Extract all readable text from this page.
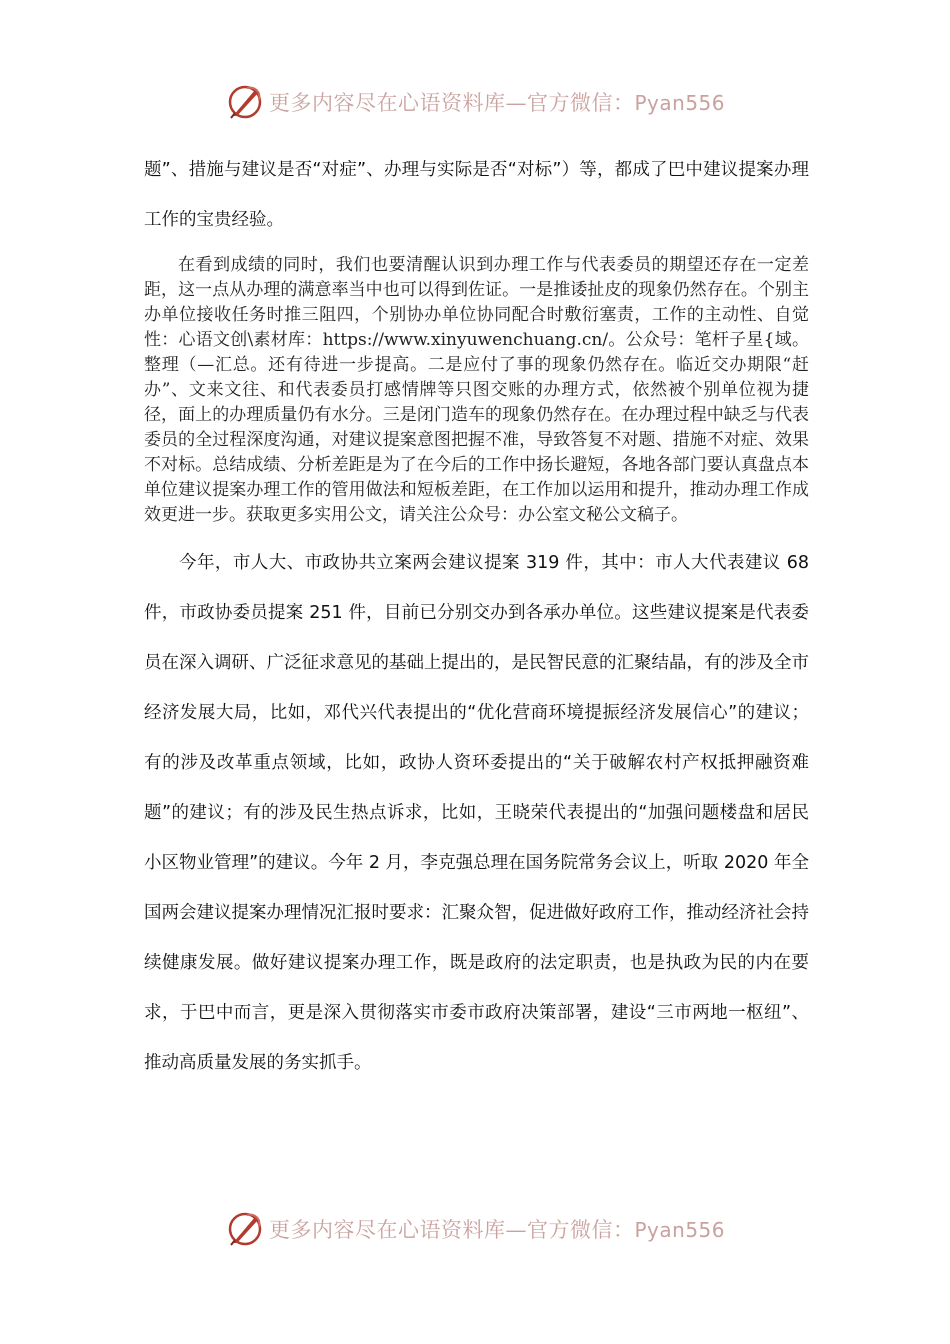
更多内容尽在心语资料库—官方微信：Pyan556

题”、措施与建议是否“对症”、办理与实际是否“对标”）等，都成了巴中建议提案办理工作的宝贵经验。

在看到成绩的同时，我们也要清醒认识到办理工作与代表委员的期望还存在一定差距，这一点从办理的满意率当中也可以得到佐证。一是推诿扯皮的现象仍然存在。个别主办单位接收任务时推三阻四，个别协办单位协同配合时敷衍塞责，工作的主动性、自觉性：心语文创\素材库：https://www.xinyuwenchuang.cn/。公众号：笔杆子星{域。整理（—汇总。还有待进一步提高。二是应付了事的现象仍然存在。临近交办期限“赶办”、文来文往、和代表委员打感情牌等只图交账的办理方式，依然被个别单位视为捷径，面上的办理质量仍有水分。三是闭门造车的现象仍然存在。在办理过程中缺乏与代表委员的全过程深度沟通，对建议提案意图把握不准，导致答复不对题、措施不对症、效果不对标。总结成绩、分析差距是为了在今后的工作中扬长避短，各地各部门要认真盘点本单位建议提案办理工作的管用做法和短板差距，在工作加以运用和提升，推动办理工作成效更进一步。获取更多实用公文，请关注公众号：办公室文秘公文稿子。

今年，市人大、市政协共立案两会建议提案 319 件，其中：市人大代表建议 68 件，市政协委员提案 251 件，目前已分别交办到各承办单位。这些建议提案是代表委员在深入调研、广泛征求意见的基础上提出的，是民智民意的汇聚结晶，有的涉及全市经济发展大局，比如，邓代兴代表提出的“优化营商环境提振经济发展信心”的建议；有的涉及改革重点领域，比如，政协人资环委提出的“关于破解农村产权抵押融资难题”的建议；有的涉及民生热点诉求，比如，王晓荣代表提出的“加强问题楼盘和居民小区物业管理”的建议。今年 2 月，李克强总理在国务院常务会议上，听取 2020 年全国两会建议提案办理情况汇报时要求：汇聚众智，促进做好政府工作，推动经济社会持续健康发展。做好建议提案办理工作，既是政府的法定职责，也是执政为民的内在要求，于巴中而言，更是深入贯彻落实市委市政府决策部署，建设“三市两地一枢纽”、推动高质量发展的务实抓手。

更多内容尽在心语资料库—官方微信：Pyan556
